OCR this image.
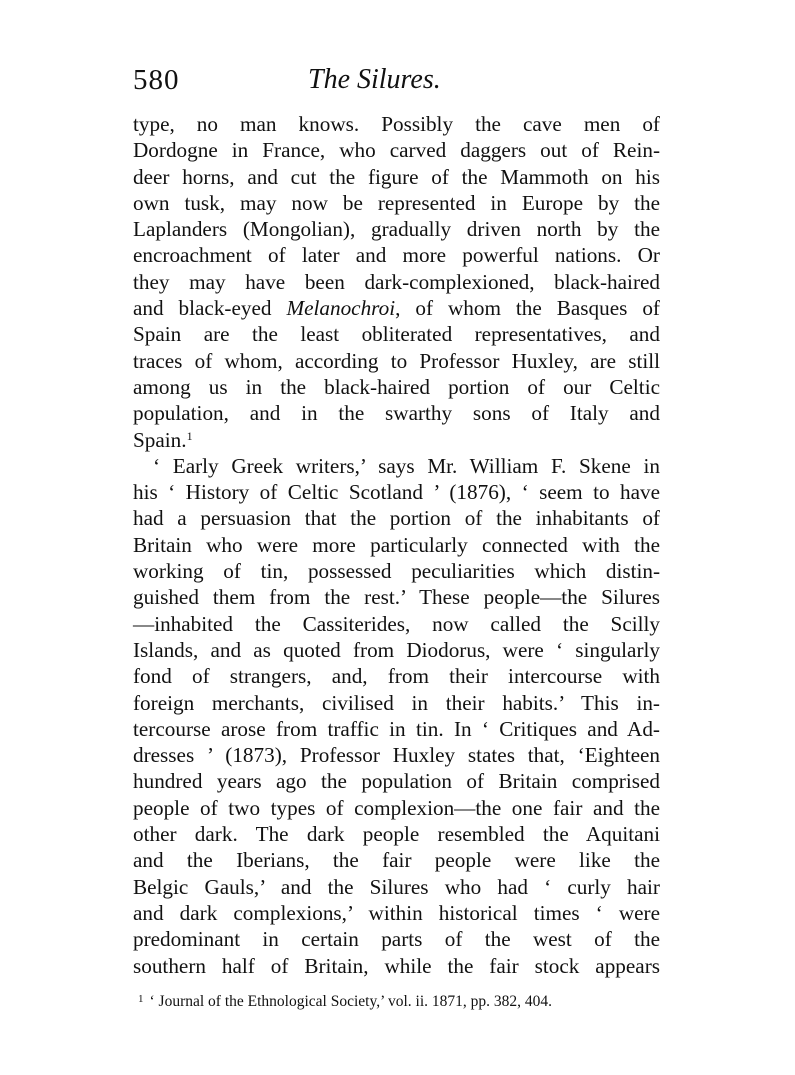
580	The Silures.
type, no man knows. Possibly the cave men of
Dordogne in France, who carved daggers out of Rein-
deer horns, and cut the figure of the Mammoth on his
own tusk, may now be represented in Europe by the
Laplanders (Mongolian), gradually driven north by the
encroachment of later and more powerful nations. Or
they may have been dark-complexioned, black-haired
and black-eyed Melanochroi, of whom the Basques of
Spain are the least obliterated representatives, and
traces of whom, according to Professor Huxley, are still
among us in the black-haired portion of our Celtic
population, and in the swarthy sons of Italy and
Spain.$^1$
‘ Early Greek writers,’ says Mr. William F. Skene in
his ‘ History of Celtic Scotland ’ (1876), ‘ seem to have
had a persuasion that the portion of the inhabitants of
Britain who were more particularly connected with the
working of tin, possessed peculiarities which distin-
guished them from the rest.’ These people—the Silures
—inhabited the Cassiterides, now called the Scilly
Islands, and as quoted from Diodorus, were ‘ singularly
fond of strangers, and, from their intercourse with
foreign merchants, civilised in their habits.’ This in-
tercourse arose from traffic in tin. In ‘ Critiques and Ad-
dresses ’ (1873), Professor Huxley states that, ‘Eighteen
hundred years ago the population of Britain comprised
people of two types of complexion—the one fair and the
other dark. The dark people resembled the Aquitani
and the Iberians, the fair people were like the
Belgic Gauls,’ and the Silures who had ‘ curly hair
and dark complexions,’ within historical times ‘ were
predominant in certain parts of the west of the
southern half of Britain, while the fair stock appears
$^1$ ‘ Journal of the Ethnological Society,’ vol. ii. 1871, pp. 382, 404.
